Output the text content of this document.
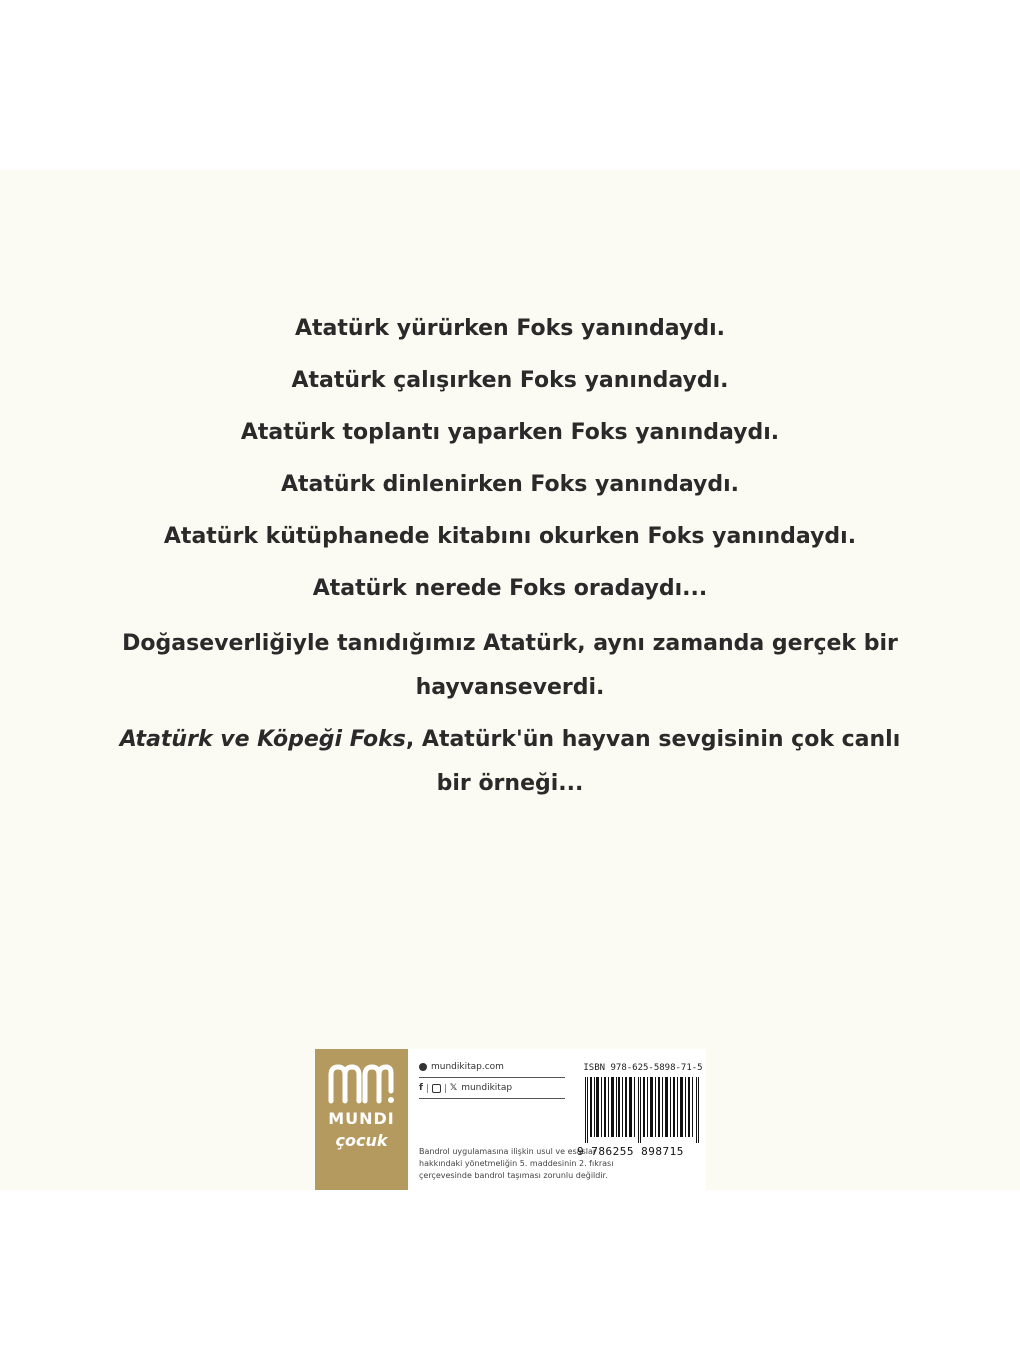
Atatürk yürürken Foks yanındaydı.
Atatürk çalışırken Foks yanındaydı.
Atatürk toplantı yaparken Foks yanındaydı.
Atatürk dinlenirken Foks yanındaydı.
Atatürk kütüphanede kitabını okurken Foks yanındaydı.
Atatürk nerede Foks oradaydı...
Doğaseverliğiyle tanıdığımız Atatürk, aynı zamanda gerçek bir
hayvanseverdi.
Atatürk ve Köpeği Foks, Atatürk'ün hayvan sevgisinin çok canlı
bir örneği...
MUNDI
çocuk
mundikitap.com
f	𝕏 mundikitap
Bandrol uygulamasına ilişkin usul ve esaslar hakkındaki yönetmeliğin 5. maddesinin 2. fıkrası çerçevesinde bandrol taşıması zorunlu değildir.
ISBN 978-625-5898-71-5
9 786255 898715
